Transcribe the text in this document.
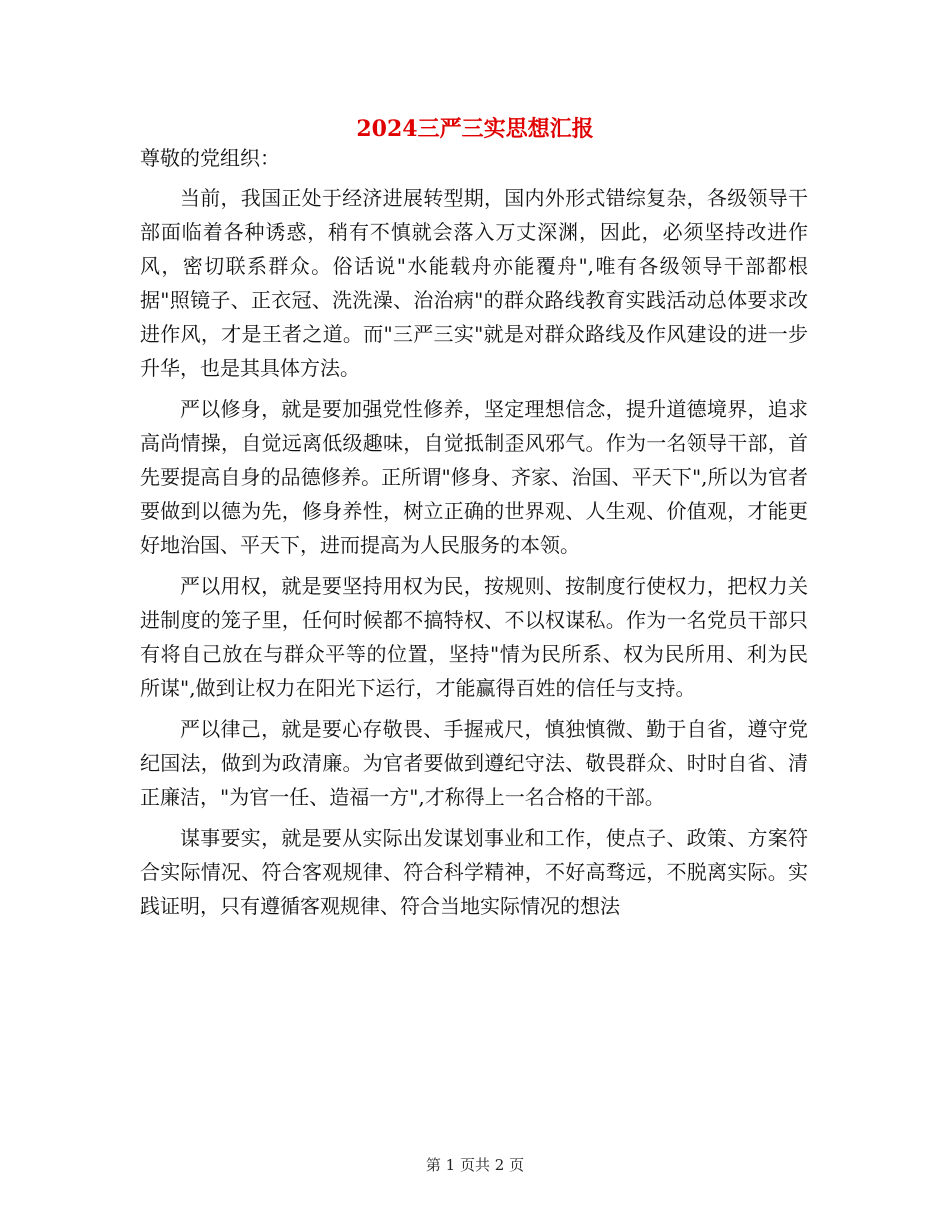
2024三严三实思想汇报

尊敬的党组织：

当前，我国正处于经济进展转型期，国内外形式错综复杂，各级领导干部面临着各种诱惑，稍有不慎就会落入万丈深渊，因此，必须坚持改进作风，密切联系群众。俗话说"水能载舟亦能覆舟",唯有各级领导干部都根据"照镜子、正衣冠、洗洗澡、治治病"的群众路线教育实践活动总体要求改进作风，才是王者之道。而"三严三实"就是对群众路线及作风建设的进一步升华，也是其具体方法。

严以修身，就是要加强党性修养，坚定理想信念，提升道德境界，追求高尚情操，自觉远离低级趣味，自觉抵制歪风邪气。作为一名领导干部，首先要提高自身的品德修养。正所谓"修身、齐家、治国、平天下",所以为官者要做到以德为先，修身养性，树立正确的世界观、人生观、价值观，才能更好地治国、平天下，进而提高为人民服务的本领。

严以用权，就是要坚持用权为民，按规则、按制度行使权力，把权力关进制度的笼子里，任何时候都不搞特权、不以权谋私。作为一名党员干部只有将自己放在与群众平等的位置，坚持"情为民所系、权为民所用、利为民所谋",做到让权力在阳光下运行，才能赢得百姓的信任与支持。

严以律己，就是要心存敬畏、手握戒尺，慎独慎微、勤于自省，遵守党纪国法，做到为政清廉。为官者要做到遵纪守法、敬畏群众、时时自省、清正廉洁，"为官一任、造福一方",才称得上一名合格的干部。

谋事要实，就是要从实际出发谋划事业和工作，使点子、政策、方案符合实际情况、符合客观规律、符合科学精神，不好高骛远，不脱离实际。实践证明，只有遵循客观规律、符合当地实际情况的想法

第 1 页共 2 页
